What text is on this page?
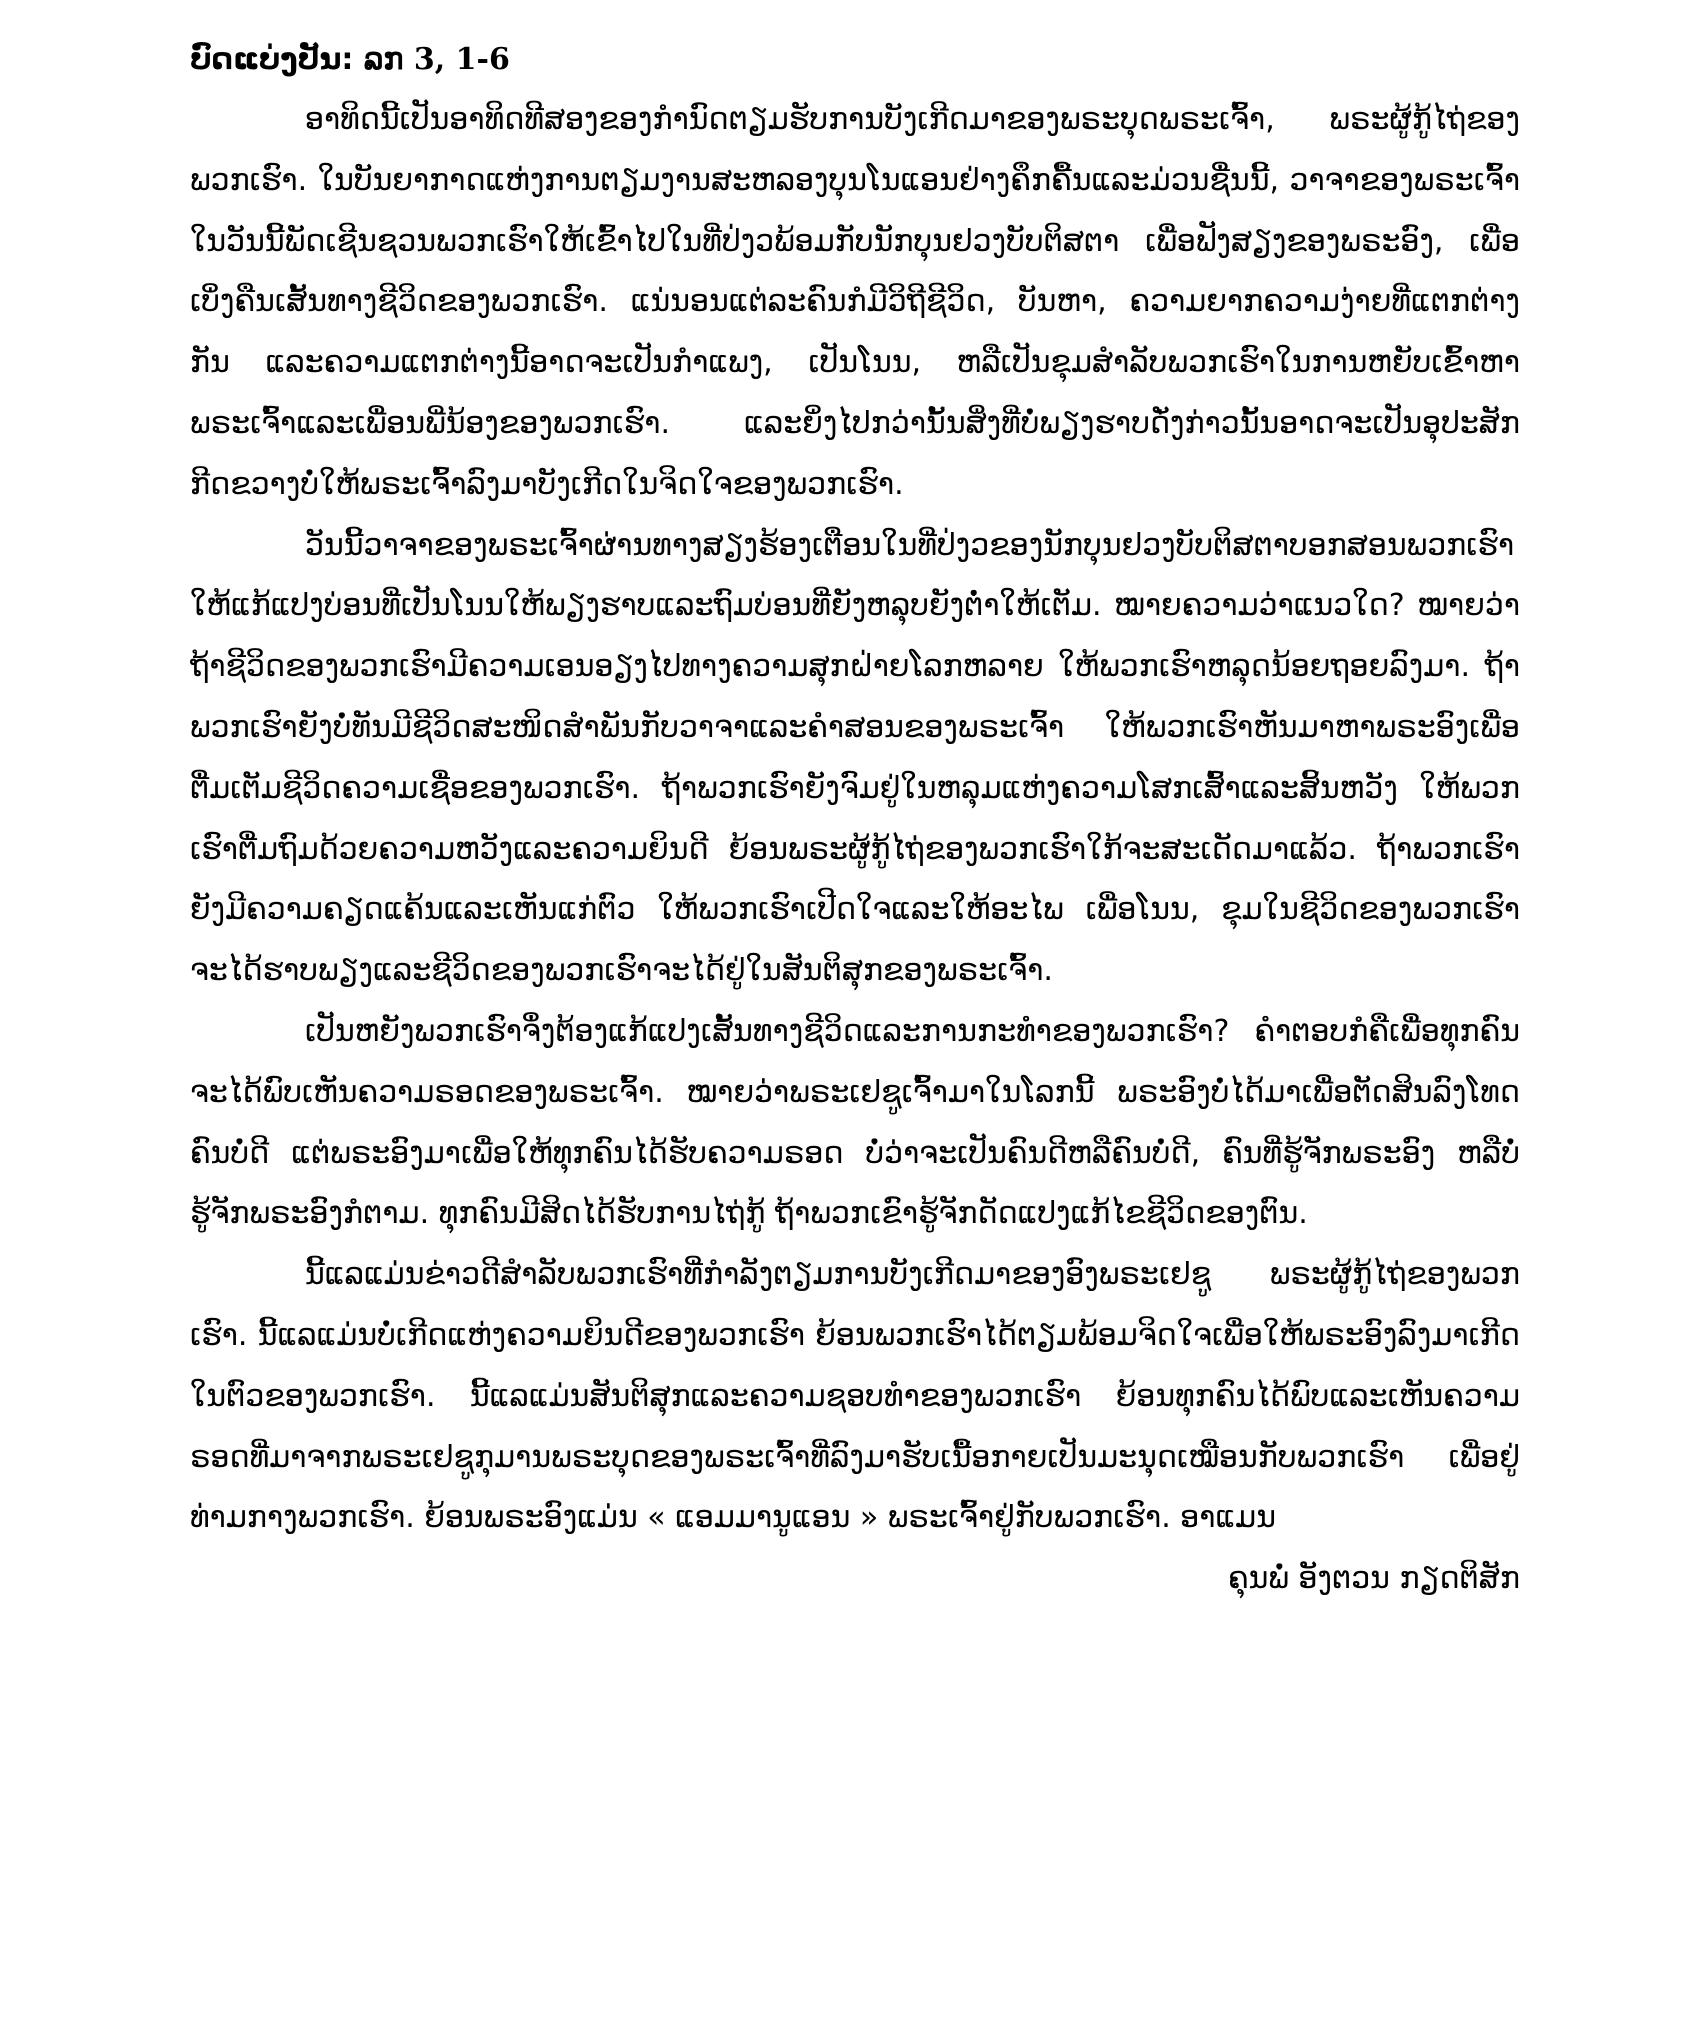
ບົດແບ່ງປັນ: ລກ 3, 1-6

ອາທິດນີ້ເປັນອາທິດທີສອງຂອງກຳນົດຕຽມຮັບການບັງເກີດມາຂອງພຣະບຸດພຣະເຈົ້າ, ພຣະຜູ້ກູ້ໄຖ່ຂອງພວກເຮົາ. ໃນບັນຍາກາດແຫ່ງການຕຽມງານສະຫລອງບຸນໂນແອນຢ່າງຄຶກຄື້ນແລະມ່ວນຊື່ນນີ້, ວາຈາຂອງພຣະເຈົ້າໃນວັນນີ້ພັດເຊີນຊວນພວກເຮົາໃຫ້ເຂົ້າໄປໃນທີ່ປ່ງວພ້ອມກັບນັກບຸນຢວງບັບຕິສຕາ ເພື່ອຟັງສຽງຂອງພຣະອົງ, ເພື່ອເບິ່ງຄືນເສັ້ນທາງຊີວິດຂອງພວກເຮົາ. ແນ່ນອນແຕ່ລະຄົນກໍມີວິຖີຊີວິດ, ບັນຫາ, ຄວາມຍາກຄວາມງ່າຍທີ່ແຕກຕ່າງກັນ ແລະຄວາມແຕກຕ່າງນີ້ອາດຈະເປັນກຳແພງ, ເປັນໂນນ, ຫລືເປັນຂຸມສຳລັບພວກເຮົາໃນການຫຍັບເຂົ້າຫາພຣະເຈົ້າແລະເພື່ອນພີ່ນ້ອງຂອງພວກເຮົາ. ແລະຍິ່ງໄປກວ່ານັ້ນສິ່ງທີ່ບໍ່ພຽງຮາບດັ່ງກ່າວນັ້ນອາດຈະເປັນອຸປະສັກກີດຂວາງບໍ່ໃຫ້ພຣະເຈົ້າລົງມາບັງເກີດໃນຈິດໃຈຂອງພວກເຮົາ.

ວັນນີ້ວາຈາຂອງພຣະເຈົ້າຜ່ານທາງສຽງຮ້ອງເຕືອນໃນທີ່ປ່ງວຂອງນັກບຸນຢວງບັບຕິສຕາບອກສອນພວກເຮົາໃຫ້ແກ້ແປງບ່ອນທີ່ເປັນໂນນໃຫ້ພຽງຮາບແລະຖົມບ່ອນທີ່ຍັງຫລຸບຍັງຕ່ຳໃຫ້ເຕັມ. ໝາຍຄວາມວ່າແນວໃດ? ໝາຍວ່າຖ້າຊີວິດຂອງພວກເຮົາມີຄວາມເອນອຽງໄປທາງຄວາມສຸກຝ່າຍໂລກຫລາຍ ໃຫ້ພວກເຮົາຫລຸດນ້ອຍຖອຍລົງມາ. ຖ້າພວກເຮົາຍັງບໍ່ທັນມີຊີວິດສະໜິດສຳພັນກັບວາຈາແລະຄຳສອນຂອງພຣະເຈົ້າ ໃຫ້ພວກເຮົາຫັນມາຫາພຣະອົງເພື່ອຕື່ມເຕັມຊີວິດຄວາມເຊື່ອຂອງພວກເຮົາ. ຖ້າພວກເຮົາຍັງຈົມຢູ່ໃນຫລຸມແຫ່ງຄວາມໂສກເສົ້າແລະສິ້ນຫວັງ ໃຫ້ພວກເຮົາຕື່ມຖົມດ້ວຍຄວາມຫວັງແລະຄວາມຍິນດີ ຍ້ອນພຣະຜູ້ກູ້ໄຖ່ຂອງພວກເຮົາໃກ້ຈະສະເດັດມາແລ້ວ. ຖ້າພວກເຮົາຍັງມີຄວາມຄຽດແຄ້ນແລະເຫັນແກ່ຕົວ ໃຫ້ພວກເຮົາເປີດໃຈແລະໃຫ້ອະໄພ ເພື່ອໂນນ, ຂຸມໃນຊີວິດຂອງພວກເຮົາຈະໄດ້ຮາບພຽງແລະຊີວິດຂອງພວກເຮົາຈະໄດ້ຢູ່ໃນສັນຕິສຸກຂອງພຣະເຈົ້າ.

ເປັນຫຍັງພວກເຮົາຈຶ່ງຕ້ອງແກ້ແປງເສັ້ນທາງຊີວິດແລະການກະທຳຂອງພວກເຮົາ? ຄຳຕອບກໍຄືເພື່ອທຸກຄົນຈະໄດ້ພົບເຫັນຄວາມຣອດຂອງພຣະເຈົ້າ. ໝາຍວ່າພຣະເຢຊູເຈົ້າມາໃນໂລກນີ້ ພຣະອົງບໍ່ໄດ້ມາເພື່ອຕັດສິນລົງໂທດຄົນບໍ່ດີ ແຕ່ພຣະອົງມາເພື່ອໃຫ້ທຸກຄົນໄດ້ຮັບຄວາມຣອດ ບໍ່ວ່າຈະເປັນຄົນດີຫລືຄົນບໍ່ດີ, ຄົນທີ່ຮູ້ຈັກພຣະອົງ ຫລືບໍ່ຮູ້ຈັກພຣະອົງກໍຕາມ. ທຸກຄົນມີສິດໄດ້ຮັບການໄຖ່ກູ້ ຖ້າພວກເຂົາຮູ້ຈັກດັດແປງແກ້ໄຂຊີວິດຂອງຕົນ.

ນີ້ແລແມ່ນຂ່າວດີສຳລັບພວກເຮົາທີ່ກຳລັງຕຽມການບັງເກີດມາຂອງອົງພຣະເຢຊູ ພຣະຜູ້ກູ້ໄຖ່ຂອງພວກເຮົາ. ນີ້ແລແມ່ນບໍ່ເກີດແຫ່ງຄວາມຍິນດີຂອງພວກເຮົາ ຍ້ອນພວກເຮົາໄດ້ຕຽມພ້ອມຈິດໃຈເພື່ອໃຫ້ພຣະອົງລົງມາເກີດໃນຕົວຂອງພວກເຮົາ. ນີ້ແລແມ່ນສັນຕິສຸກແລະຄວາມຊອບທຳຂອງພວກເຮົາ ຍ້ອນທຸກຄົນໄດ້ພົບແລະເຫັນຄວາມຣອດທີ່ມາຈາກພຣະເຢຊູກຸມານພຣະບຸດຂອງພຣະເຈົ້າທີ່ລົງມາຮັບເນື້ອກາຍເປັນມະນຸດເໝືອນກັບພວກເຮົາ ເພື່ອຢູ່ທ່າມກາງພວກເຮົາ. ຍ້ອນພຣະອົງແມ່ນ « ແອມມານູແອນ » ພຣະເຈົ້າຢູ່ກັບພວກເຮົາ. ອາແມນ

ຄຸນພໍ່ ອັງຕວນ ກຽດຕິສັກ
